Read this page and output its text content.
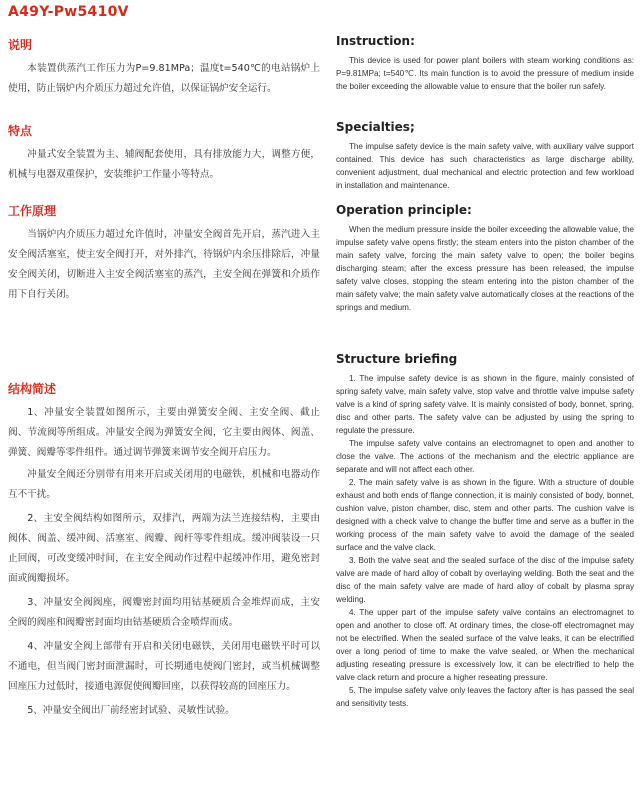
A49Y-Pw5410V
说明

本装置供蒸汽工作压力为P=9.81MPa；温度t=540℃的电站锅炉上使用，防止锅炉内介质压力超过允许值，以保证锅炉安全运行。

特点

冲量式安全装置为主、辅阀配套使用，具有排放能力大，调整方便，机械与电器双重保护，安装维护工作量小等特点。

工作原理

当锅炉内介质压力超过允许值时，冲量安全阀首先开启，蒸汽进入主安全阀活塞室，使主安全阀打开，对外排汽，待锅炉内余压排除后，冲量安全阀关闭，切断进入主安全阀活塞室的蒸汽，主安全阀在弹簧和介质作用下自行关闭。

结构简述

1、冲量安全装置如图所示，主要由弹簧安全阀、主安全阀、截止阀、节流阀等所组成。冲量安全阀为弹簧安全阀，它主要由阀体、阀盖、弹簧、阀瓣等零件组件。通过调节弹簧来调节安全阀开启压力。

冲量安全阀还分别带有用来开启或关闭用的电磁铁，机械和电器动作互不干扰。

2、主安全阀结构如图所示，双排汽，两端为法兰连接结构，主要由阀体、阀盖、缓冲阀、活塞室、阀瓣、阀杆等零件组成。缓冲阀装设一只止回阀，可改变缓冲时间，在主安全阀动作过程中起缓冲作用，避免密封面或阀瓣损坏。

3、冲量安全阀阀座，阀瓣密封面均用钴基硬质合金堆焊而成，主安全阀的阀座和阀瓣密封面均由钴基硬质合金喷焊而成。

4、冲量安全阀上部带有开启和关闭电磁铁，关闭用电磁铁平时可以不通电，但当阀门密封面泄漏时，可长期通电使阀门密封，或当机械调整回座压力过低时，接通电源促使阀瓣回座，以获得较高的回座压力。

5、冲量安全阀出厂前经密封试验、灵敏性试验。

Instruction:

This device is used for power plant boilers with steam working conditions as: P=9.81MPa; t=540℃. Its main function is to avoid the pressure of medium inside the boiler exceeding the allowable value to ensure that the boiler run safely.

Specialties;

The impulse safety device is the main safety valve, with auxiliary valve support contained. This device has such characteristics as large discharge ability, convenient adjustment, dual mechanical and electric protection and few workload in installation and maintenance.

Operation principle:

When the medium pressure inside the boiler exceeding the allowable value, the impulse safety valve opens firstly; the steam enters into the piston chamber of the main safety valve, forcing the main safety valve to open; the boiler begins discharging steam; after the excess pressure has been released, the impulse safety valve closes, stopping the steam entering into the piston chamber of the main safety valve; the main safety valve automatically closes at the reactions of the springs and medium.

Structure briefing

1. The impulse safety device is as shown in the figure, mainly consisted of spring safety valve, main safety valve, stop valve and throttle valve impulse safety valve is a kind of spring safety valve. It is mainly consisted of body, bonnet, spring, disc and other parts. The safety valve can be adjusted by using the spring to regulate the pressure.

The impulse safety valve contains an electromagnet to open and another to close the valve. The actions of the mechanism and the electric appliance are separate and will not affect each other.

2. The main safety valve is as shown in the figure. With a structure of double exhaust and both ends of flange connection, it is mainly consisted of body, bonnet, cushion valve, piston chamber, disc, stem and other parts. The cushion valve is designed with a check valve to change the buffer time and serve as a buffer in the working process of the main safety valve to avoid the damage of the sealed surface and the valve clack.

3. Both the valve seat and the sealed surface of the disc of the impulse safety valve are made of hard alloy of cobalt by overlaying welding. Both the seat and the disc of the main safety valve are made of hard alloy of cobalt by plasma spray welding.

4. The upper part of the impulse safety valve contains an electromagnet to open and another to close off. At ordinary times, the close-off electromagnet may not be electrified. When the sealed surface of the valve leaks, it can be electrified over a long period of time to make the valve sealed, or When the mechanical adjusting reseating pressure is excessively low, it can be electrified to help the valve clack return and procure a higher reseating pressure.

5. The impulse safety valve only leaves the factory after is has passed the seal and sensitivity tests.
